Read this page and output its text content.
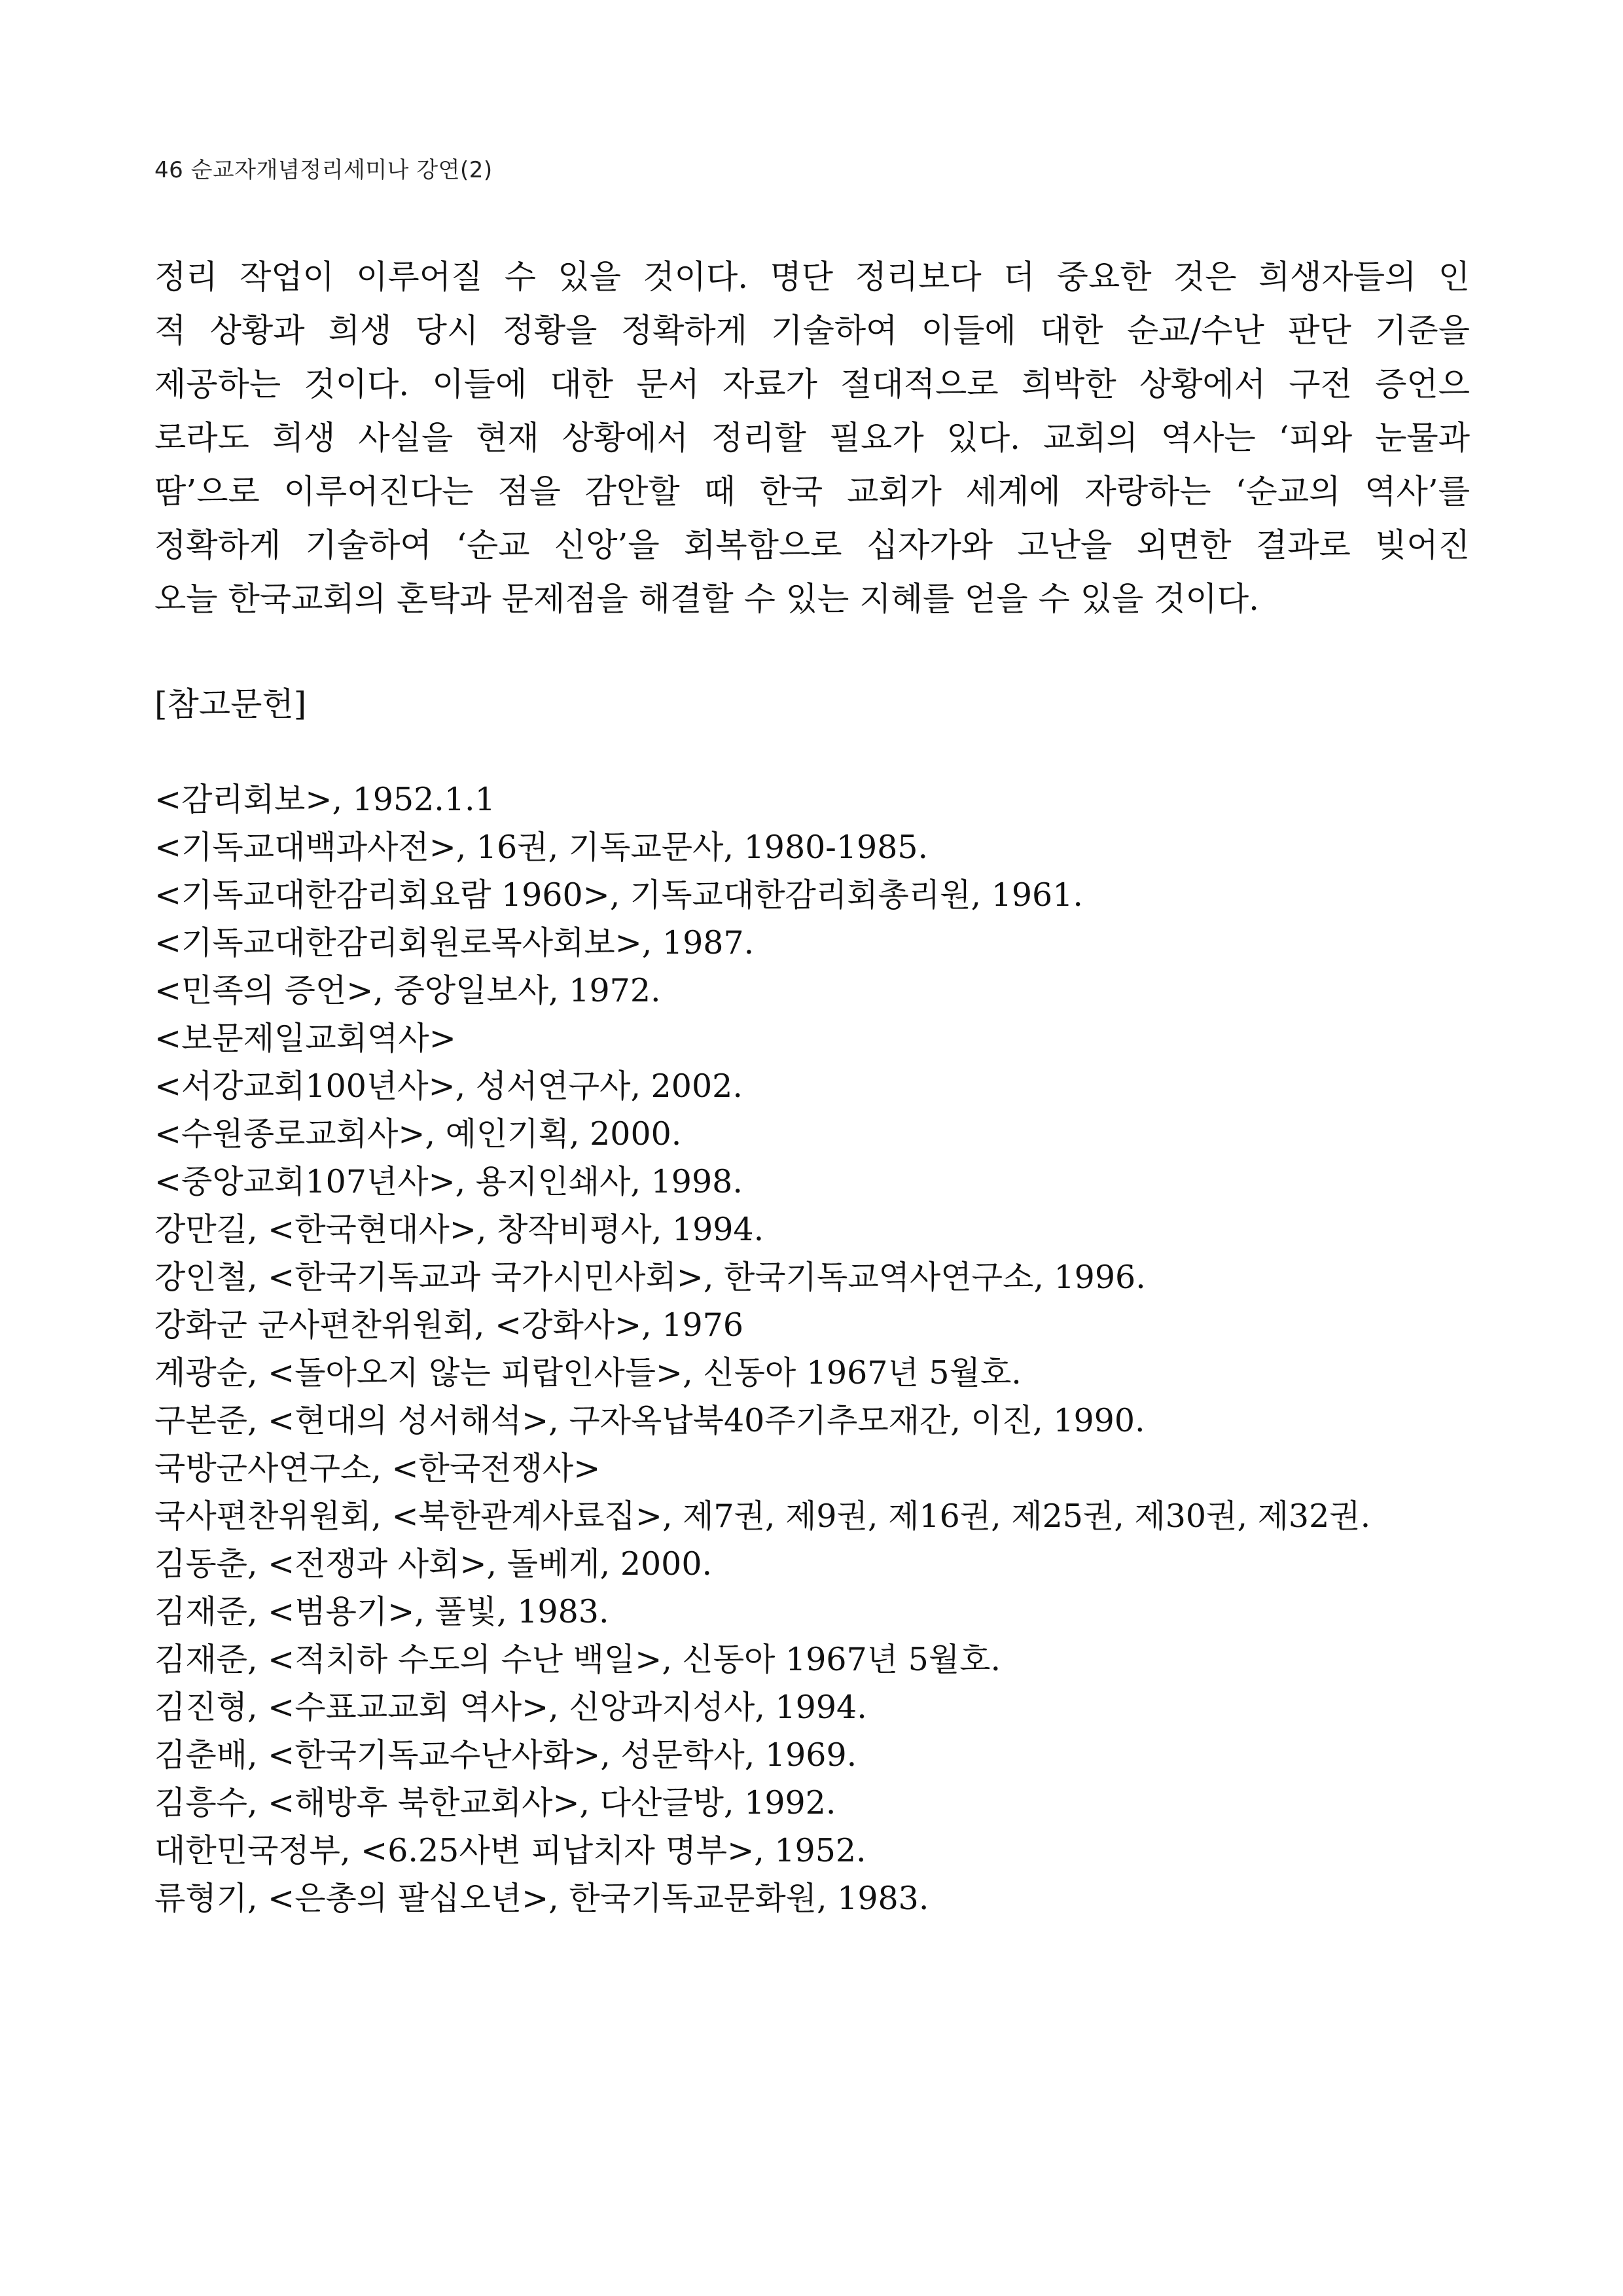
46 순교자개념정리세미나 강연(2)
정리 작업이 이루어질 수 있을 것이다. 명단 정리보다 더 중요한 것은 희생자들의 인
적 상황과 희생 당시 정황을 정확하게 기술하여 이들에 대한 순교/수난 판단 기준을
제공하는 것이다. 이들에 대한 문서 자료가 절대적으로 희박한 상황에서 구전 증언으
로라도 희생 사실을 현재 상황에서 정리할 필요가 있다. 교회의 역사는 ‘피와 눈물과
땀’으로 이루어진다는 점을 감안할 때 한국 교회가 세계에 자랑하는 ‘순교의 역사’를
정확하게 기술하여 ‘순교 신앙’을 회복함으로 십자가와 고난을 외면한 결과로 빚어진
오늘 한국교회의 혼탁과 문제점을 해결할 수 있는 지혜를 얻을 수 있을 것이다.
[참고문헌]
<감리회보>, 1952.1.1
<기독교대백과사전>, 16권, 기독교문사, 1980-1985.
<기독교대한감리회요람 1960>, 기독교대한감리회총리원, 1961.
<기독교대한감리회원로목사회보>, 1987.
<민족의 증언>, 중앙일보사, 1972.
<보문제일교회역사>
<서강교회100년사>, 성서연구사, 2002.
<수원종로교회사>, 예인기획, 2000.
<중앙교회107년사>, 용지인쇄사, 1998.
강만길, <한국현대사>, 창작비평사, 1994.
강인철, <한국기독교과 국가시민사회>, 한국기독교역사연구소, 1996.
강화군 군사편찬위원회, <강화사>, 1976
계광순, <돌아오지 않는 피랍인사들>, 신동아 1967년 5월호.
구본준, <현대의 성서해석>, 구자옥납북40주기추모재간, 이진, 1990.
국방군사연구소, <한국전쟁사>
국사편찬위원회, <북한관계사료집>, 제7권, 제9권, 제16권, 제25권, 제30권, 제32권.
김동춘, <전쟁과 사회>, 돌베게, 2000.
김재준, <범용기>, 풀빛, 1983.
김재준, <적치하 수도의 수난 백일>, 신동아 1967년 5월호.
김진형, <수표교교회 역사>, 신앙과지성사, 1994.
김춘배, <한국기독교수난사화>, 성문학사, 1969.
김흥수, <해방후 북한교회사>, 다산글방, 1992.
대한민국정부, <6.25사변 피납치자 명부>, 1952.
류형기, <은총의 팔십오년>, 한국기독교문화원, 1983.
